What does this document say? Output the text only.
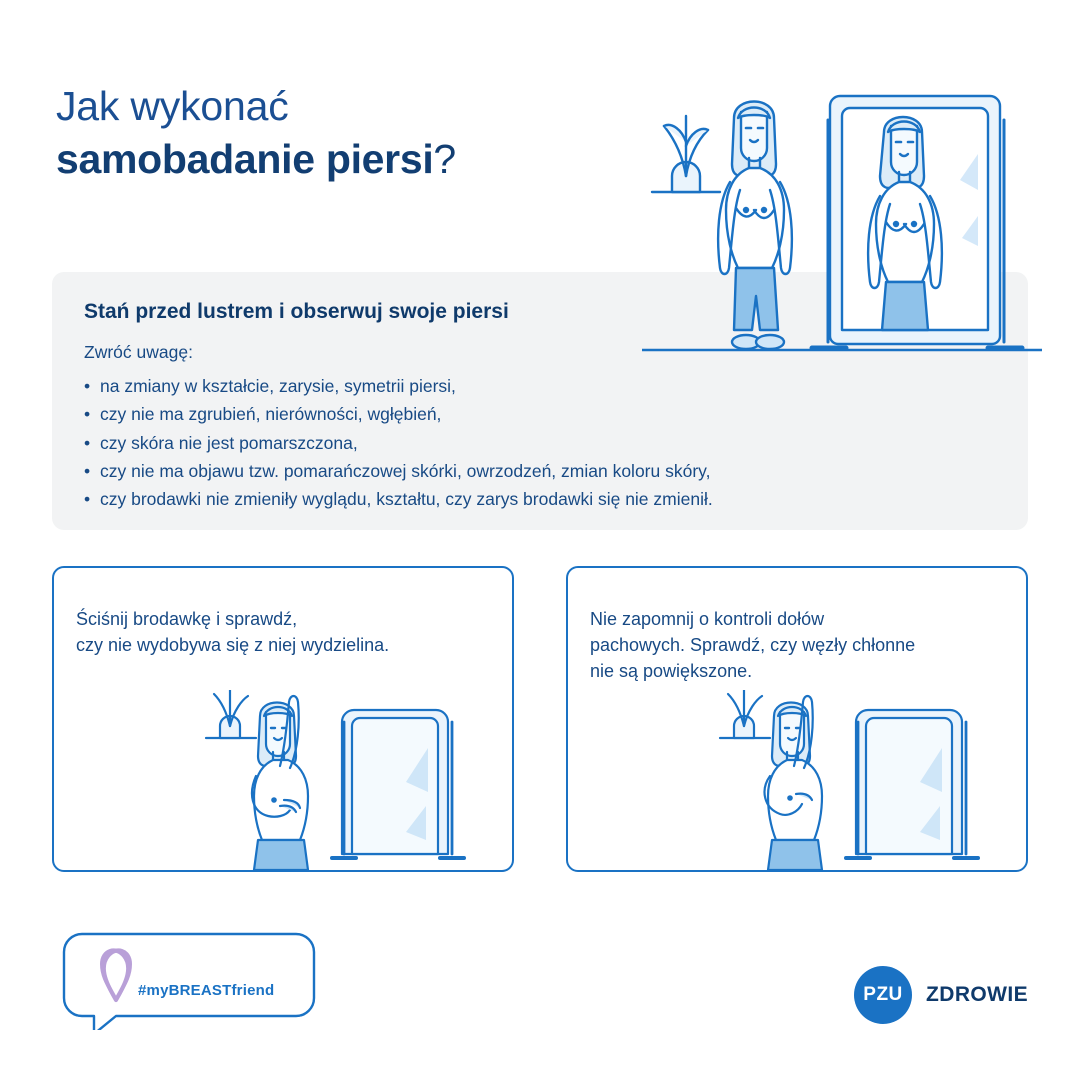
Jak wykonać
samobadanie piersi?
Stań przed lustrem i obserwuj swoje piersi
Zwróć uwagę:
• na zmiany w kształcie, zarysie, symetrii piersi,
• czy nie ma zgrubień, nierówności, wgłębień,
• czy skóra nie jest pomarszczona,
• czy nie ma objawu tzw. pomarańczowej skórki, owrzodzeń, zmian koloru skóry,
• czy brodawki nie zmieniły wyglądu, kształtu, czy zarys brodawki się nie zmienił.
Ściśnij brodawkę i sprawdź,
czy nie wydobywa się z niej wydzielina.
Nie zapomnij o kontroli dołów
pachowych. Sprawdź, czy węzły chłonne
nie są powiększone.
#myBREASTfriend	PZU	ZDROWIE
